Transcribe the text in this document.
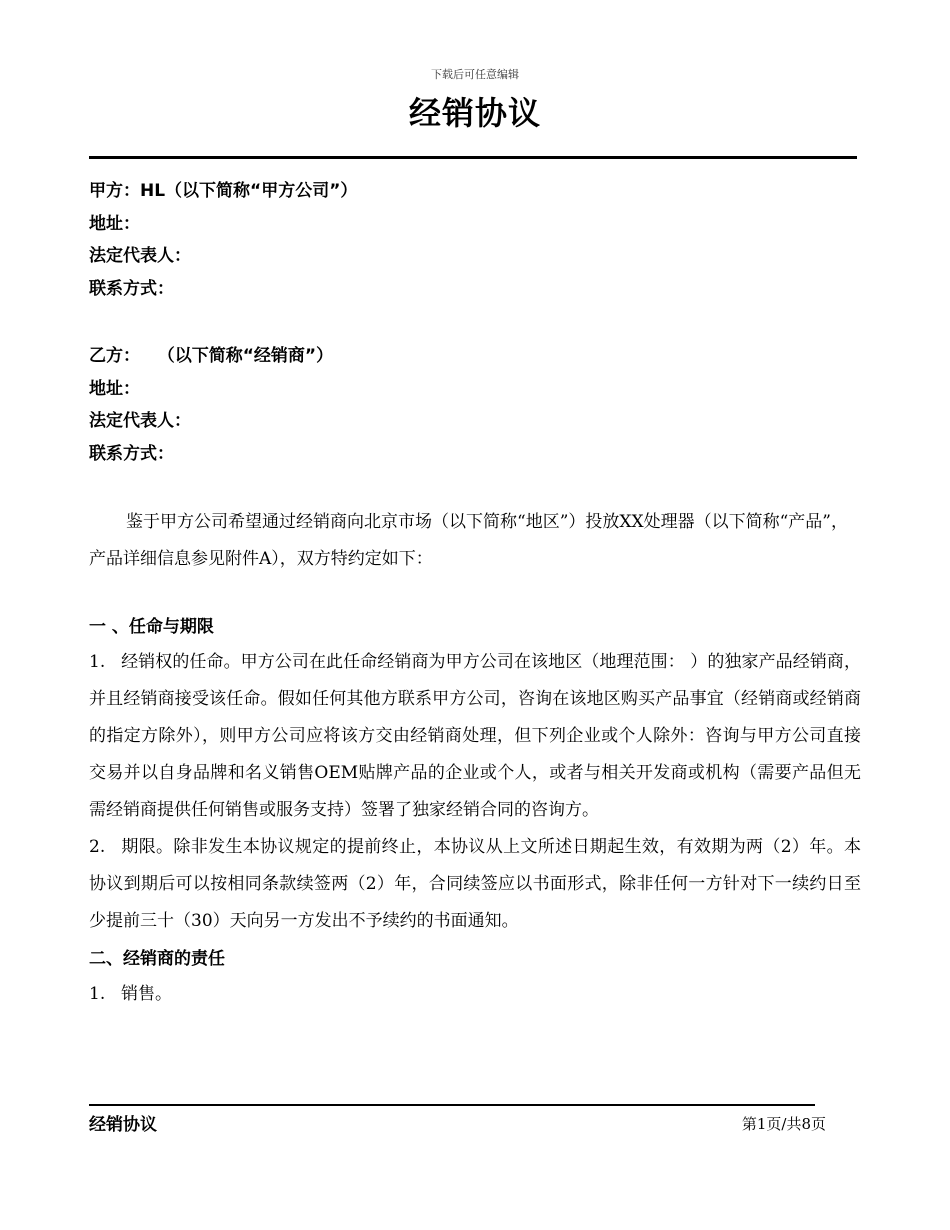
下载后可任意编辑
经销协议
甲方：HL（以下简称“甲方公司”）
地址：
法定代表人：
联系方式：
乙方：   （以下简称“经销商”）
地址：
法定代表人：
联系方式：
鉴于甲方公司希望通过经销商向北京市场（以下简称“地区”）投放XX处理器（以下简称“产品”，产品详细信息参见附件A），双方特约定如下：
一 、任命与期限
1. 经销权的任命。甲方公司在此任命经销商为甲方公司在该地区（地理范围： ）的独家产品经销商，并且经销商接受该任命。假如任何其他方联系甲方公司，咨询在该地区购买产品事宜（经销商或经销商的指定方除外），则甲方公司应将该方交由经销商处理，但下列企业或个人除外：咨询与甲方公司直接交易并以自身品牌和名义销售OEM贴牌产品的企业或个人，或者与相关开发商或机构（需要产品但无需经销商提供任何销售或服务支持）签署了独家经销合同的咨询方。
2. 期限。除非发生本协议规定的提前终止，本协议从上文所述日期起生效，有效期为两（2）年。本协议到期后可以按相同条款续签两（2）年，合同续签应以书面形式，除非任何一方针对下一续约日至少提前三十（30）天向另一方发出不予续约的书面通知。
二、经销商的责任
1. 销售。
经销协议	第1页/共8页
